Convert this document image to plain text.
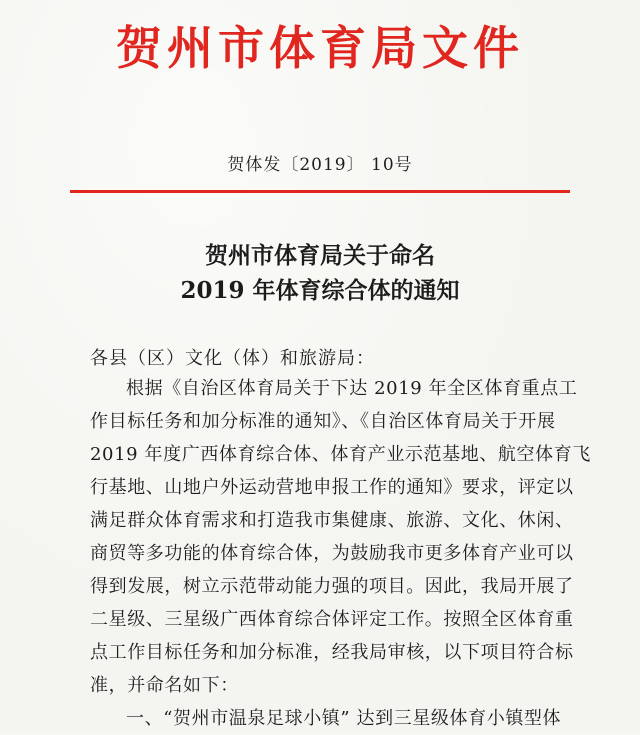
贺州市体育局文件
贺体发〔2019〕 10号
贺州市体育局关于命名
2019 年体育综合体的通知
各县（区）文化（体）和旅游局：
根据《自治区体育局关于下达 2019 年全区体育重点工
作目标任务和加分标准的通知》、《自治区体育局关于开展
2019 年度广西体育综合体、体育产业示范基地、航空体育飞
行基地、山地户外运动营地申报工作的通知》要求，评定以
满足群众体育需求和打造我市集健康、旅游、文化、休闲、
商贸等多功能的体育综合体，为鼓励我市更多体育产业可以
得到发展，树立示范带动能力强的项目。因此，我局开展了
二星级、三星级广西体育综合体评定工作。按照全区体育重
点工作目标任务和加分标准，经我局审核，以下项目符合标
准，并命名如下：
一、“贺州市温泉足球小镇” 达到三星级体育小镇型体
